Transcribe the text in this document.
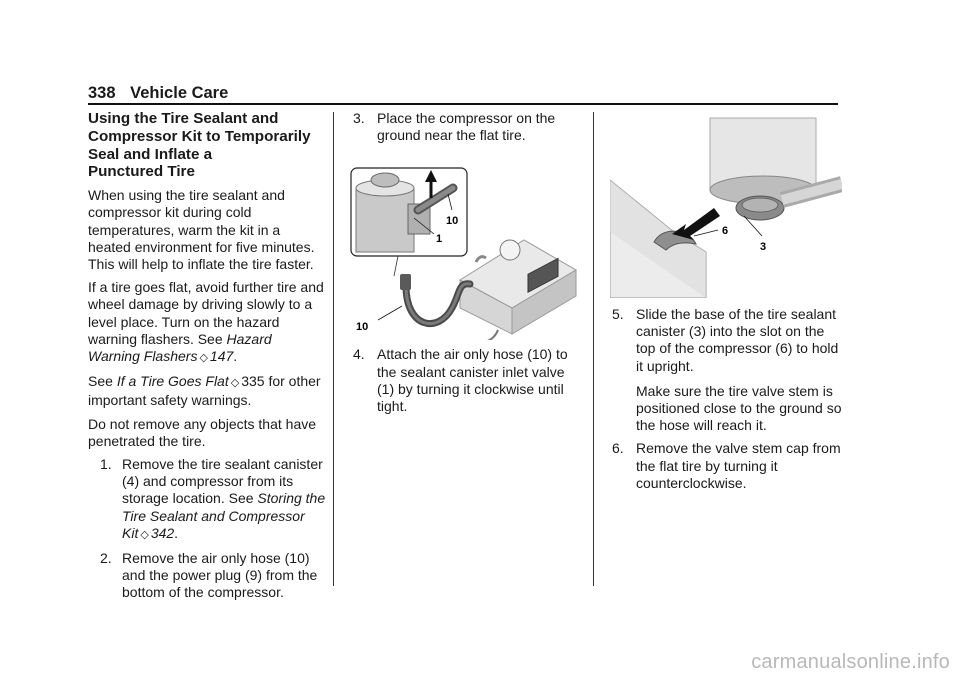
338 Vehicle Care
Using the Tire Sealant and
Compressor Kit to Temporarily
Seal and Inflate a
Punctured Tire

When using the tire sealant and compressor kit during cold temperatures, warm the kit in a heated environment for five minutes. This will help to inflate the tire faster.

If a tire goes flat, avoid further tire and wheel damage by driving slowly to a level place. Turn on the hazard warning flashers. See Hazard Warning Flashers ◇ 147.

See If a Tire Goes Flat ◇ 335 for other important safety warnings.

Do not remove any objects that have penetrated the tire.

1. Remove the tire sealant canister (4) and compressor from its storage location. See Storing the Tire Sealant and Compressor Kit ◇ 342.
2. Remove the air only hose (10) and the power plug (9) from the bottom of the compressor.
3. Place the compressor on the ground near the flat tire.
4. Attach the air only hose (10) to the sealant canister inlet valve (1) by turning it clockwise until tight.
10
1
10
5. Slide the base of the tire sealant canister (3) into the slot on the top of the compressor (6) to hold it upright.

Make sure the tire valve stem is positioned close to the ground so the hose will reach it.

6. Remove the valve stem cap from the flat tire by turning it counterclockwise.
6
3
carmanualsonline.info
